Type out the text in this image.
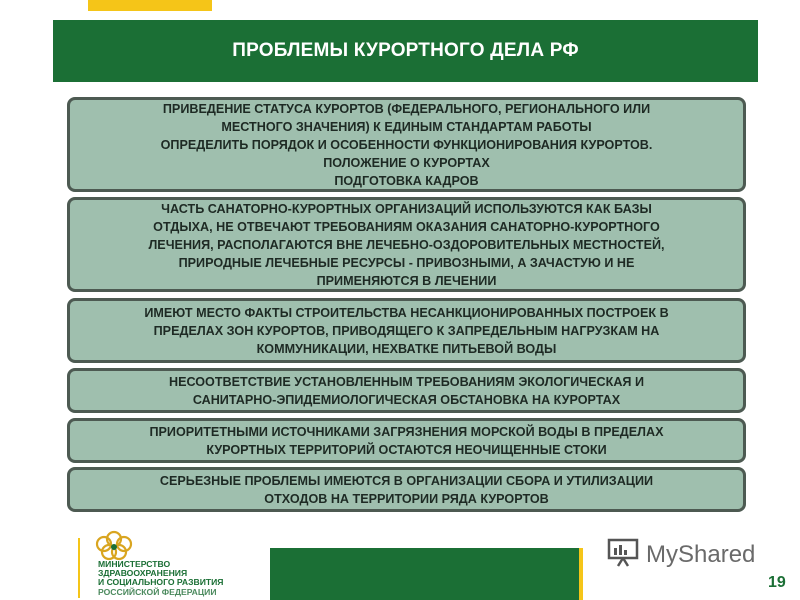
ПРОБЛЕМЫ КУРОРТНОГО ДЕЛА РФ
ПРИВЕДЕНИЕ СТАТУСА КУРОРТОВ (ФЕДЕРАЛЬНОГО, РЕГИОНАЛЬНОГО ИЛИ
МЕСТНОГО ЗНАЧЕНИЯ) К ЕДИНЫМ СТАНДАРТАМ РАБОТЫ
ОПРЕДЕЛИТЬ ПОРЯДОК И ОСОБЕННОСТИ ФУНКЦИОНИРОВАНИЯ КУРОРТОВ.
ПОЛОЖЕНИЕ О КУРОРТАХ
ПОДГОТОВКА КАДРОВ
ЧАСТЬ САНАТОРНО-КУРОРТНЫХ ОРГАНИЗАЦИЙ ИСПОЛЬЗУЮТСЯ КАК БАЗЫ
ОТДЫХА, НЕ ОТВЕЧАЮТ ТРЕБОВАНИЯМ ОКАЗАНИЯ САНАТОРНО-КУРОРТНОГО
ЛЕЧЕНИЯ, РАСПОЛАГАЮТСЯ ВНЕ ЛЕЧЕБНО-ОЗДОРОВИТЕЛЬНЫХ МЕСТНОСТЕЙ,
ПРИРОДНЫЕ ЛЕЧЕБНЫЕ РЕСУРСЫ - ПРИВОЗНЫМИ, А ЗАЧАСТУЮ И НЕ
ПРИМЕНЯЮТСЯ В ЛЕЧЕНИИ
ИМЕЮТ МЕСТО ФАКТЫ СТРОИТЕЛЬСТВА НЕСАНКЦИОНИРОВАННЫХ ПОСТРОЕК В
ПРЕДЕЛАХ ЗОН КУРОРТОВ, ПРИВОДЯЩЕГО К ЗАПРЕДЕЛЬНЫМ НАГРУЗКАМ НА
КОММУНИКАЦИИ, НЕХВАТКЕ ПИТЬЕВОЙ ВОДЫ
НЕСООТВЕТСТВИЕ УСТАНОВЛЕННЫМ ТРЕБОВАНИЯМ ЭКОЛОГИЧЕСКАЯ И
САНИТАРНО-ЭПИДЕМИОЛОГИЧЕСКАЯ ОБСТАНОВКА НА КУРОРТАХ
ПРИОРИТЕТНЫМИ ИСТОЧНИКАМИ ЗАГРЯЗНЕНИЯ МОРСКОЙ ВОДЫ В ПРЕДЕЛАХ
КУРОРТНЫХ ТЕРРИТОРИЙ ОСТАЮТСЯ НЕОЧИЩЕННЫЕ СТОКИ
СЕРЬЕЗНЫЕ ПРОБЛЕМЫ ИМЕЮТСЯ В ОРГАНИЗАЦИИ СБОРА И УТИЛИЗАЦИИ
ОТХОДОВ НА ТЕРРИТОРИИ РЯДА КУРОРТОВ
МИНИСТЕРСТВО
ЗДРАВООХРАНЕНИЯ
И СОЦИАЛЬНОГО РАЗВИТИЯ
РОССИЙСКОЙ ФЕДЕРАЦИИ
MyShared
19
